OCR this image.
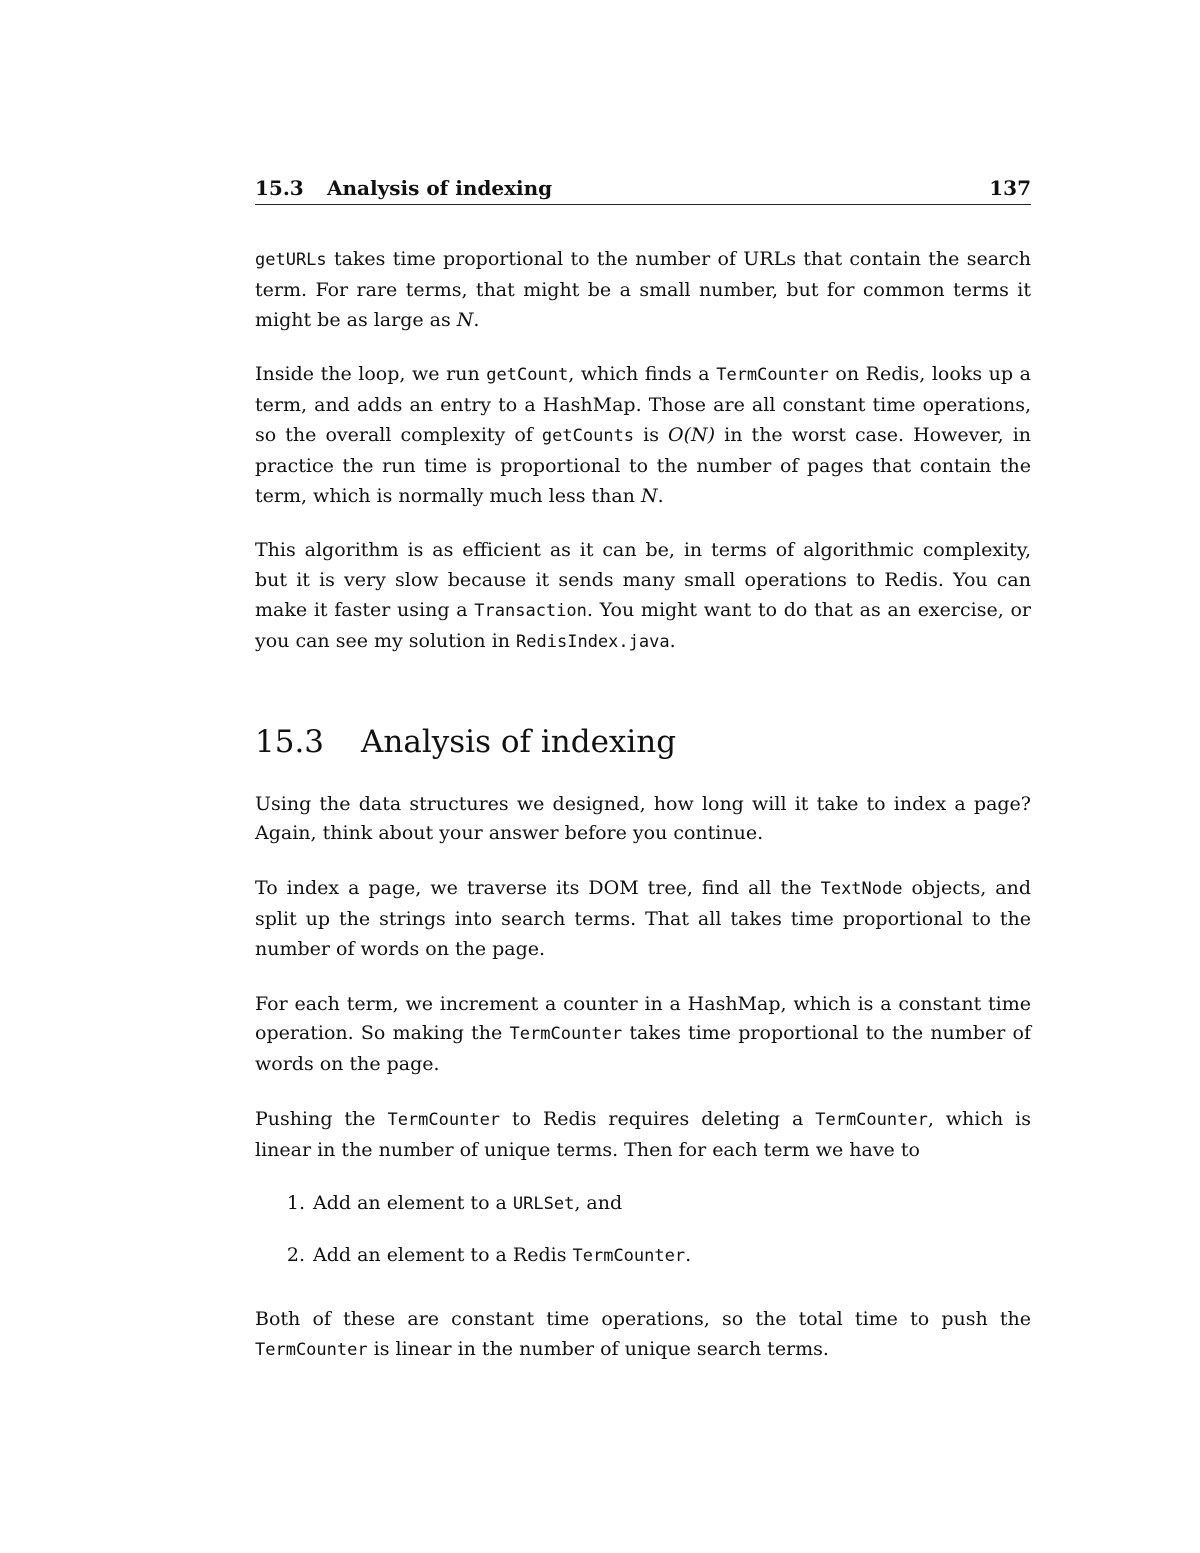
15.3 Analysis of indexing	137

getURLs takes time proportional to the number of URLs that contain the search term. For rare terms, that might be a small number, but for common terms it might be as large as N.

Inside the loop, we run getCount, which finds a TermCounter on Redis, looks up a term, and adds an entry to a HashMap. Those are all constant time operations, so the overall complexity of getCounts is O(N) in the worst case. However, in practice the run time is proportional to the number of pages that contain the term, which is normally much less than N.

This algorithm is as efficient as it can be, in terms of algorithmic complexity, but it is very slow because it sends many small operations to Redis. You can make it faster using a Transaction. You might want to do that as an exercise, or you can see my solution in RedisIndex.java.

15.3	Analysis of indexing

Using the data structures we designed, how long will it take to index a page? Again, think about your answer before you continue.

To index a page, we traverse its DOM tree, find all the TextNode objects, and split up the strings into search terms. That all takes time proportional to the number of words on the page.

For each term, we increment a counter in a HashMap, which is a constant time operation. So making the TermCounter takes time proportional to the number of words on the page.

Pushing the TermCounter to Redis requires deleting a TermCounter, which is linear in the number of unique terms. Then for each term we have to

1. Add an element to a URLSet, and
2. Add an element to a Redis TermCounter.

Both of these are constant time operations, so the total time to push the TermCounter is linear in the number of unique search terms.
